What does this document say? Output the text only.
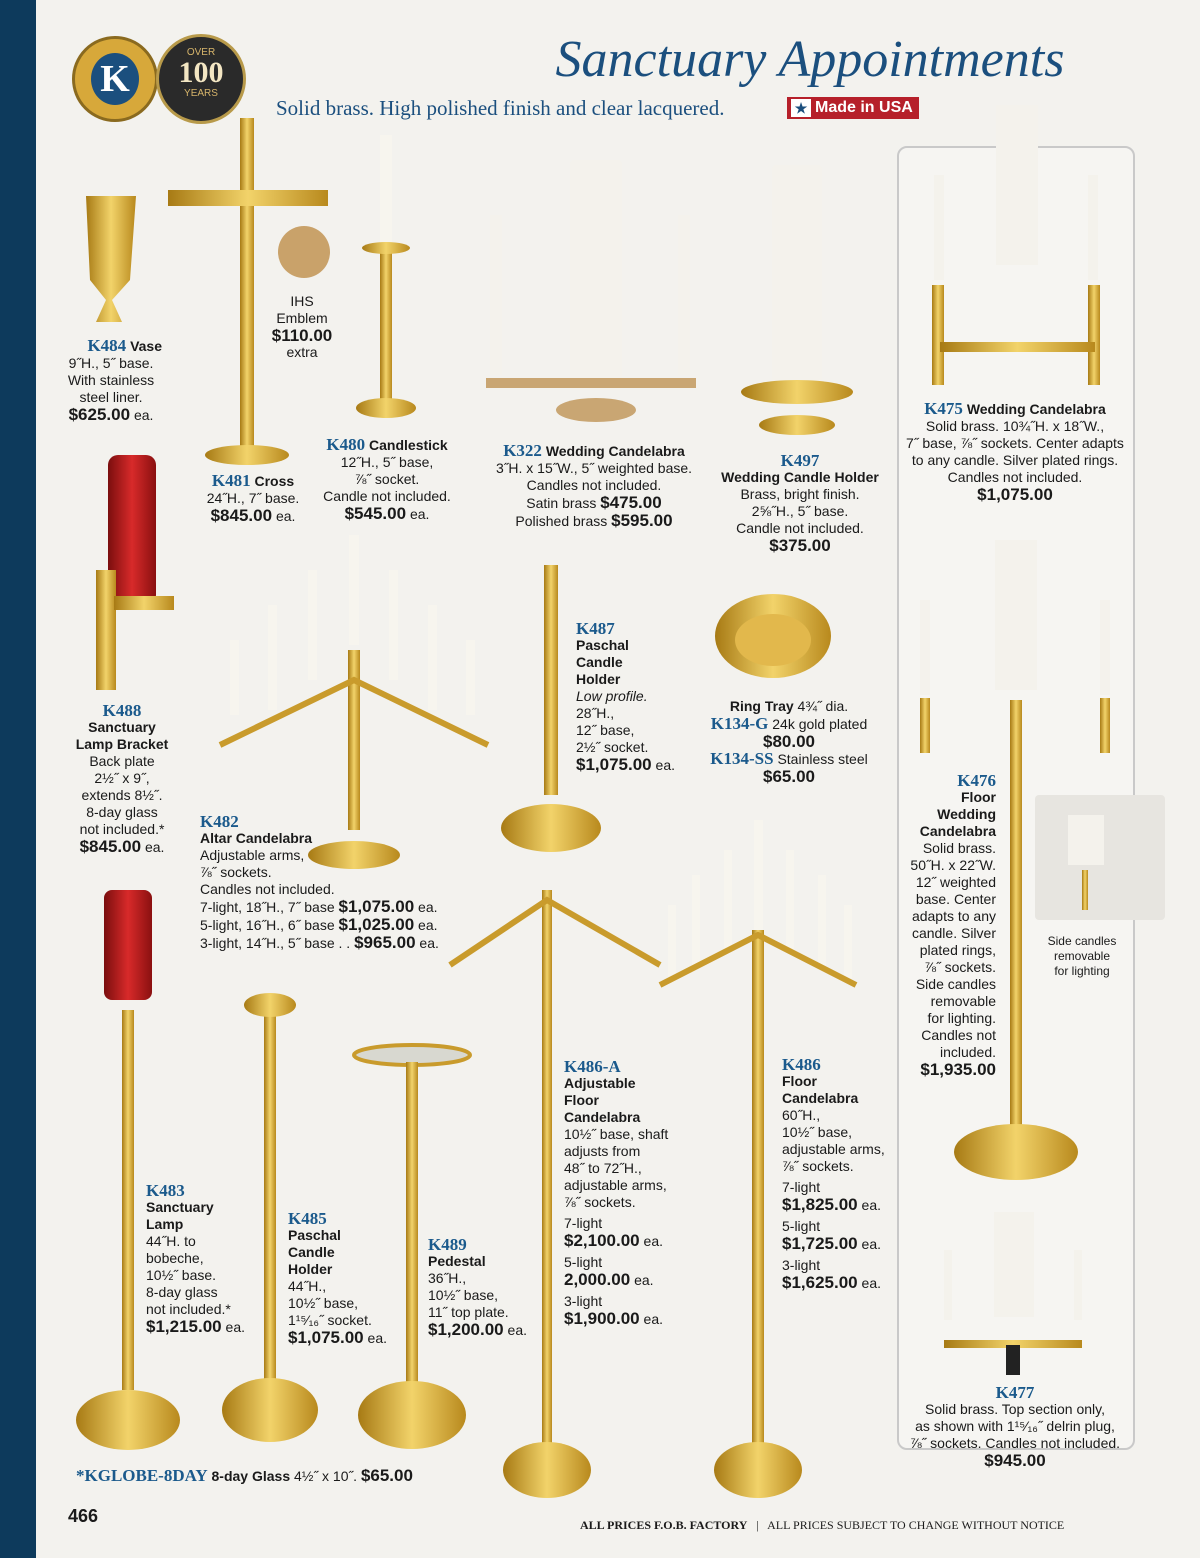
K
OVER
100
YEARS
Sanctuary Appointments
Solid brass. High polished finish and clear lacquered.	★ Made in USA
K484 Vase
9˝H., 5˝ base.
With stainless
steel liner.
$625.00 ea.
IHS
Emblem
$110.00
extra
K481 Cross
24˝H., 7˝ base.
$845.00 ea.
K480 Candlestick
12˝H., 5˝ base,
⅞˝ socket.
Candle not included.
$545.00 ea.
K322 Wedding Candelabra
3˝H. x 15˝W., 5˝ weighted base.
Candles not included.
Satin brass $475.00
Polished brass $595.00
K497
Wedding Candle Holder
Brass, bright finish.
2⅝˝H., 5˝ base.
Candle not included.
$375.00
K475 Wedding Candelabra
Solid brass. 10¾˝H. x 18˝W.,
7˝ base, ⅞˝ sockets. Center adapts
to any candle. Silver plated rings.
Candles not included.
$1,075.00
K488
Sanctuary
Lamp Bracket
Back plate
2½˝ x 9˝,
extends 8½˝.
8-day glass
not included.*
$845.00 ea.
K487
Paschal
Candle
Holder
Low profile.
28˝H.,
12˝ base,
2½˝ socket.
$1,075.00 ea.
Ring Tray 4¾˝ dia.
K134-G 24k gold plated
$80.00
K134-SS Stainless steel
$65.00
K482
Altar Candelabra
Adjustable arms,
⅞˝ sockets.
Candles not included.
7-light, 18˝H., 7˝ base $1,075.00 ea.
5-light, 16˝H., 6˝ base $1,025.00 ea.
3-light, 14˝H., 5˝ base . . $965.00 ea.
K476
Floor
Wedding
Candelabra
Solid brass.
50˝H. x 22˝W.
12˝ weighted
base. Center
adapts to any
candle. Silver
plated rings,
⅞˝ sockets.
Side candles
removable
for lighting.
Candles not
included.
$1,935.00
Side candles
removable
for lighting
K483
Sanctuary
Lamp
44˝H. to
bobeche,
10½˝ base.
8-day glass
not included.*
$1,215.00 ea.
K485
Paschal
Candle
Holder
44˝H.,
10½˝ base,
1¹⁵⁄₁₆˝ socket.
$1,075.00 ea.
K489
Pedestal
36˝H.,
10½˝ base,
11˝ top plate.
$1,200.00 ea.
K486-A
Adjustable
Floor
Candelabra
10½˝ base, shaft
adjusts from
48˝ to 72˝H.,
adjustable arms,
⅞˝ sockets.
7-light
$2,100.00 ea.
5-light
2,000.00 ea.
3-light
$1,900.00 ea.
K486
Floor
Candelabra
60˝H.,
10½˝ base,
adjustable arms,
⅞˝ sockets.
7-light
$1,825.00 ea.
5-light
$1,725.00 ea.
3-light
$1,625.00 ea.
K477
Solid brass. Top section only,
as shown with 1¹⁵⁄₁₆˝ delrin plug,
⅞˝ sockets. Candles not included.
$945.00
*KGLOBE-8DAY 8-day Glass 4½˝ x 10˝. $65.00
466	ALL PRICES F.O.B. FACTORY | ALL PRICES SUBJECT TO CHANGE WITHOUT NOTICE
